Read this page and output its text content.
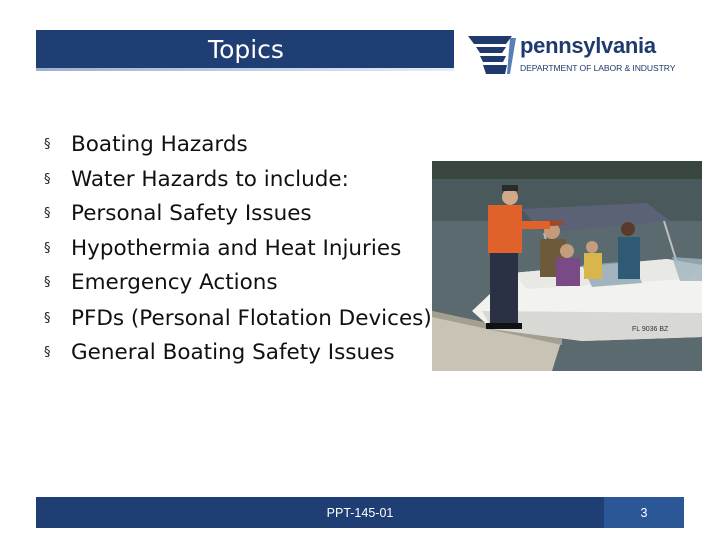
Topics	pennsylvania
DEPARTMENT OF LABOR & INDUSTRY
§ Boating Hazards
§ Water Hazards to include:
§ Personal Safety Issues
§ Hypothermia and Heat Injuries
§ Emergency Actions
§ PFDs (Personal Flotation Devices)
§ General Boating Safety Issues
FL 9036 BZ
PPT-145-01	3
